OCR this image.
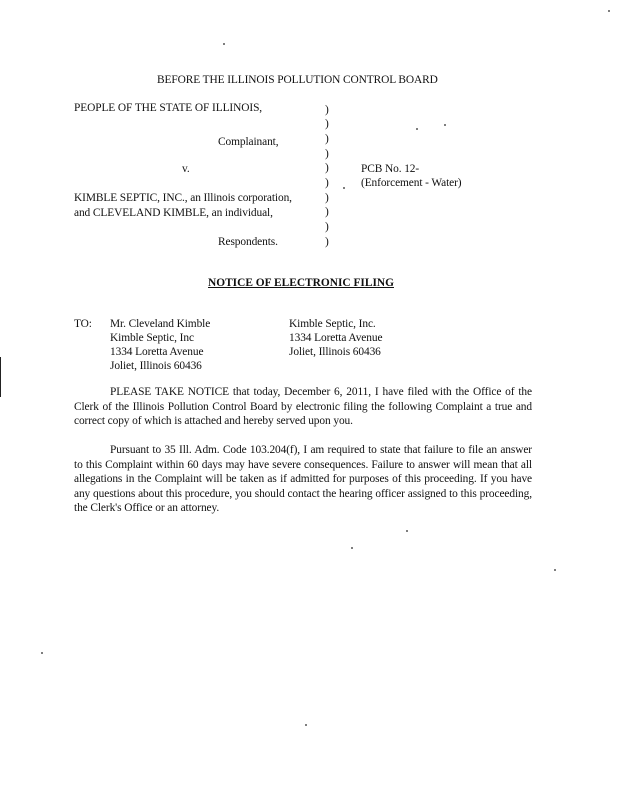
BEFORE THE ILLINOIS POLLUTION CONTROL BOARD
PEOPLE OF THE STATE OF ILLINOIS,
Complainant,
v.
KIMBLE SEPTIC, INC., an Illinois corporation,
and CLEVELAND KIMBLE, an individual,
Respondents.
)
)
)
)
)
)
)
)
)
)
PCB No. 12-
(Enforcement - Water)
NOTICE OF ELECTRONIC FILING
TO: Mr. Cleveland Kimble
Kimble Septic, Inc
1334 Loretta Avenue
Joliet, Illinois 60436
Kimble Septic, Inc.
1334 Loretta Avenue
Joliet, Illinois 60436
PLEASE TAKE NOTICE that today, December 6, 2011, I have filed with the Office of the Clerk of the Illinois Pollution Control Board by electronic filing the following Complaint a true and correct copy of which is attached and hereby served upon you.
Pursuant to 35 Ill. Adm. Code 103.204(f), I am required to state that failure to file an answer to this Complaint within 60 days may have severe consequences. Failure to answer will mean that all allegations in the Complaint will be taken as if admitted for purposes of this proceeding. If you have any questions about this procedure, you should contact the hearing officer assigned to this proceeding, the Clerk's Office or an attorney.
